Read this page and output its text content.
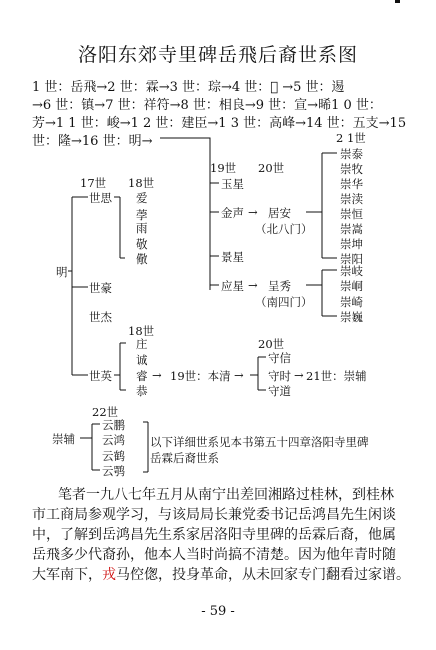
洛阳东郊寺里碑岳飛后裔世系图
1 世：岳飛→2 世：霖→3 世：琮→4 世：𧦬 →5 世：逷
→6 世：镇→7 世：祥符→8 世：相良→9 世：宣→晞1 0 世：
芳→1 1 世：峻→1 2 世：建臣→1 3 世：高峰→14 世：五支→15
世：隆→16 世：明→
17世 18世
19世 20世
2 1世
18世
20世
22世
明
世思
世豪
世杰
世英
爱
荸
雨
敬
儆
玉星
金声 → 居安
（北八门）
景星
应星 → 呈秀
（南四门）
崇泰
崇牧
崇华
崇渎
崇恒
崇嵩
崇坤
崇阳
崇岐
崇峒
崇崎
崇巍
庄
诚
睿 → 19世：本清 →
恭
守信
守时 → 21世：崇辅
守道
崇辅
云鹏
云鸿
云鹤
云鹗
以下详细世系见本书第五十四章洛阳寺里碑
岳霖后裔世系
笔者一九八七年五月从南宁出差回湘路过桂林，到桂林
市工商局参观学习，与该局局长兼党委书记岳鸿昌先生闲谈
中，了解到岳鸿昌先生系家居洛阳寺里碑的岳霖后裔，他属
岳飛多少代裔孙，他本人当时尚搞不清楚。因为他年青时随
大军南下，戎马倥偬，投身革命，从未回家专门翻看过家谱。
- 59 -
